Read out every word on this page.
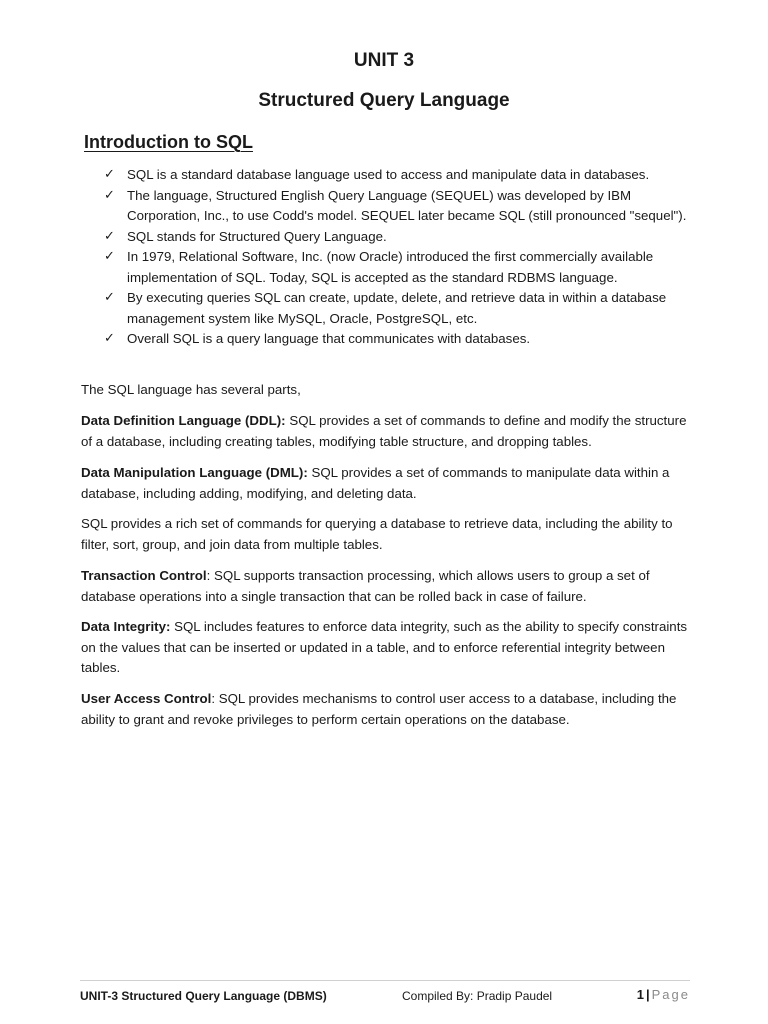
UNIT 3
Structured Query Language
Introduction to SQL
✓ SQL is a standard database language used to access and manipulate data in databases.
✓ The language, Structured English Query Language (SEQUEL) was developed by IBM Corporation, Inc., to use Codd's model. SEQUEL later became SQL (still pronounced "sequel").
✓ SQL stands for Structured Query Language.
✓ In 1979, Relational Software, Inc. (now Oracle) introduced the first commercially available implementation of SQL. Today, SQL is accepted as the standard RDBMS language.
✓ By executing queries SQL can create, update, delete, and retrieve data in within a database management system like MySQL, Oracle, PostgreSQL, etc.
✓ Overall SQL is a query language that communicates with databases.

The SQL language has several parts,

Data Definition Language (DDL): SQL provides a set of commands to define and modify the structure of a database, including creating tables, modifying table structure, and dropping tables.

Data Manipulation Language (DML): SQL provides a set of commands to manipulate data within a database, including adding, modifying, and deleting data.

SQL provides a rich set of commands for querying a database to retrieve data, including the ability to filter, sort, group, and join data from multiple tables.

Transaction Control: SQL supports transaction processing, which allows users to group a set of database operations into a single transaction that can be rolled back in case of failure.

Data Integrity: SQL includes features to enforce data integrity, such as the ability to specify constraints on the values that can be inserted or updated in a table, and to enforce referential integrity between tables.

User Access Control: SQL provides mechanisms to control user access to a database, including the ability to grant and revoke privileges to perform certain operations on the database.

UNIT-3 Structured Query Language (DBMS)	Compiled By: Pradip Paudel	1 | Page
